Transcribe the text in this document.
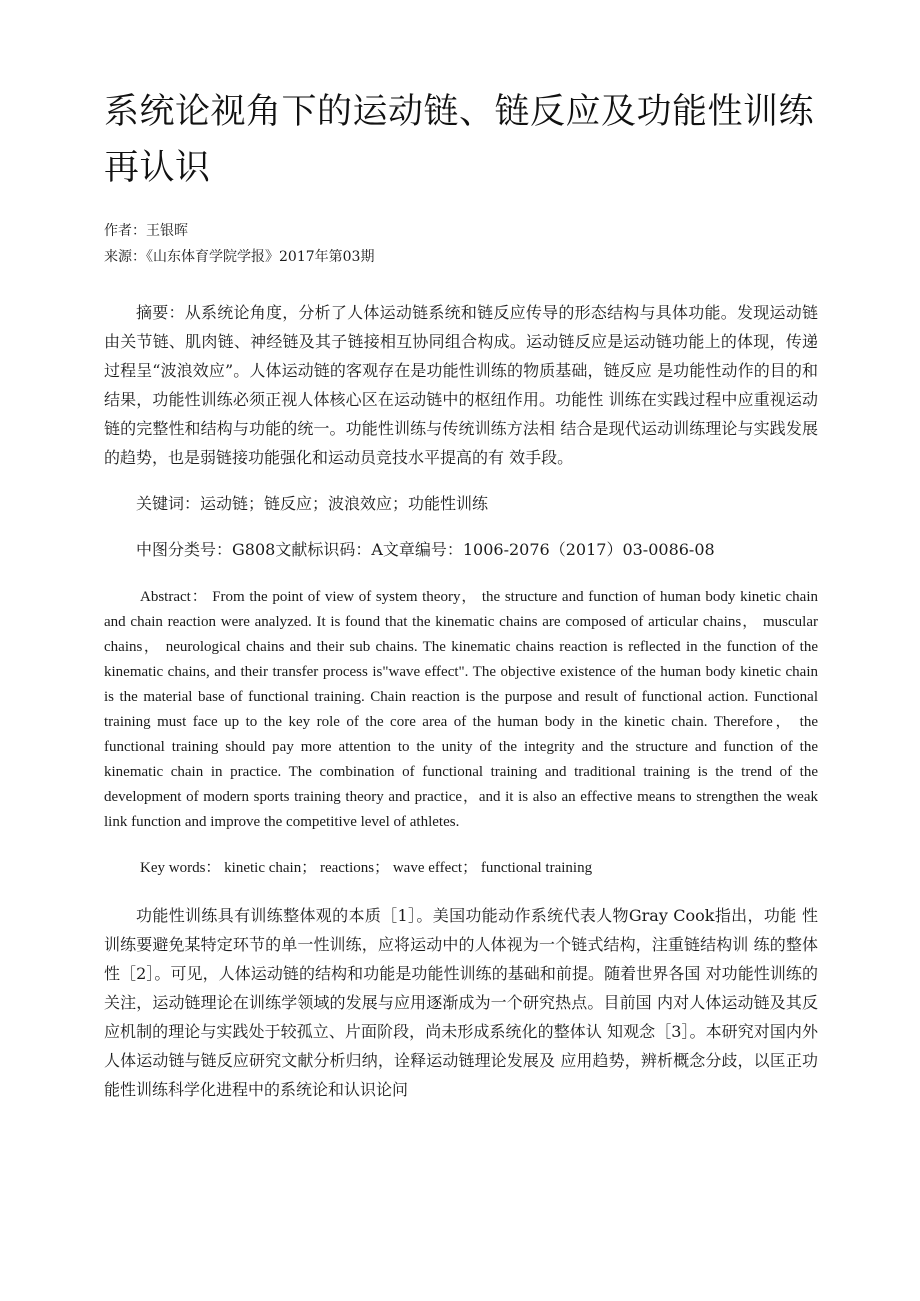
系统论视角下的运动链、链反应及功能性训练再认识

作者：王银晖

来源：《山东体育学院学报》2017年第03期

摘要：从系统论角度，分析了人体运动链系统和链反应传导的形态结构与具体功能。发现运动链由关节链、肌肉链、神经链及其子链接相互协同组合构成。运动链反应是运动链功能上的体现，传递过程呈“波浪效应”。人体运动链的客观存在是功能性训练的物质基础，链反应 是功能性动作的目的和结果，功能性训练必须正视人体核心区在运动链中的枢纽作用。功能性 训练在实践过程中应重视运动链的完整性和结构与功能的统一。功能性训练与传统训练方法相 结合是现代运动训练理论与实践发展的趋势，也是弱链接功能强化和运动员竞技水平提高的有 效手段。

关键词：运动链；链反应；波浪效应；功能性训练

中图分类号：G808文献标识码：A文章编号：1006-2076（2017）03-0086-08

Abstract： From the point of view of system theory， the structure and function of human body kinetic chain and chain reaction were analyzed. It is found that the kinematic chains are composed of articular chains， muscular chains， neurological chains and their sub chains. The kinematic chains reaction is reflected in the function of the kinematic chains, and their transfer process is"wave effect". The objective existence of the human body kinetic chain is the material base of functional training. Chain reaction is the purpose and result of functional action. Functional training must face up to the key role of the core area of the human body in the kinetic chain. Therefore， the functional training should pay more attention to the unity of the integrity and the structure and function of the kinematic chain in practice. The combination of functional training and traditional training is the trend of the development of modern sports training theory and practice，and it is also an effective means to strengthen the weak link function and improve the competitive level of athletes.

Key words： kinetic chain； reactions； wave effect； functional training

功能性训练具有训练整体观的本质［1］。美国功能动作系统代表人物Gray Cook指出，功能 性训练要避免某特定环节的单一性训练，应将运动中的人体视为一个链式结构，注重链结构训 练的整体性［2］。可见，人体运动链的结构和功能是功能性训练的基础和前提。随着世界各国 对功能性训练的关注，运动链理论在训练学领域的发展与应用逐渐成为一个研究热点。目前国 内对人体运动链及其反应机制的理论与实践处于较孤立、片面阶段，尚未形成系统化的整体认 知观念［3］。本研究对国内外人体运动链与链反应研究文献分析归纳，诠释运动链理论发展及 应用趋势，辨析概念分歧，以匡正功能性训练科学化进程中的系统论和认识论问
